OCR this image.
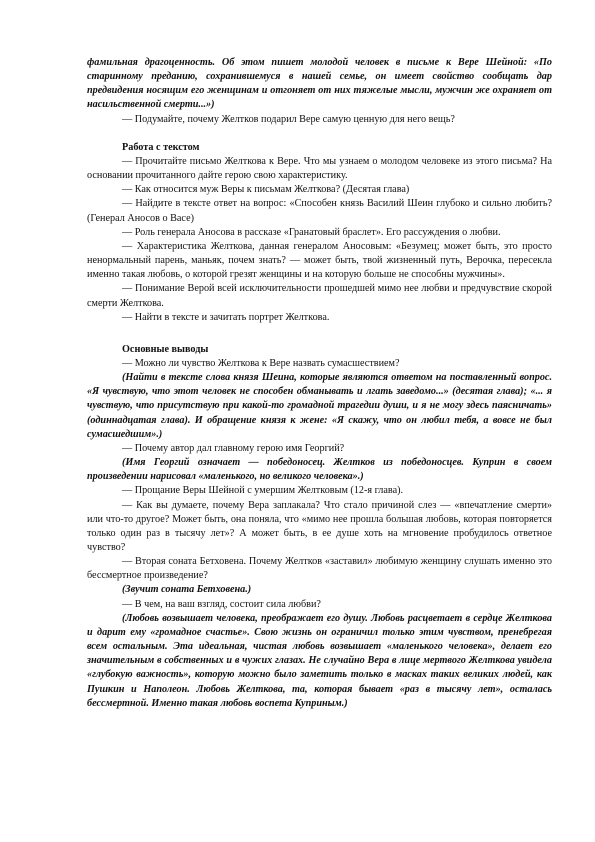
фамильная драгоценность. Об этом пишет молодой человек в письме к Вере Шейной: «По старинному преданию, сохранившемуся в нашей семье, он имеет свойство сообщать дар предвидения носящим его женщинам и отгоняет от них тяжелые мысли, мужчин же охраняет от насильственной смерти...»)

— Подумайте, почему Желтков подарил Вере самую ценную для него вещь?

Работа с текстом

— Прочитайте письмо Желткова к Вере. Что мы узнаем о молодом человеке из этого письма? На основании прочитанного дайте герою свою характеристику.

— Как относится муж Веры к письмам Желткова? (Десятая глава)

— Найдите в тексте ответ на вопрос: «Способен князь Василий Шеин глубоко и сильно любить? (Генерал Аносов о Васе)

— Роль генерала Аносова в рассказе «Гранатовый браслет». Его рассуждения о любви.

— Характеристика Желткова, данная генералом Аносовым: «Безумец; может быть, это просто ненормальный парень, маньяк, почем знать? — может быть, твой жизненный путь, Верочка, пересекла именно такая любовь, о которой грезят женщины и на которую больше не способны мужчины».

— Понимание Верой всей исключительности прошедшей мимо нее любви и предчувствие скорой смерти Желткова.

— Найти в тексте и зачитать портрет Желткова.

Основные выводы

— Можно ли чувство Желткова к Вере назвать сумасшествием?

(Найти в тексте слова князя Шеина, которые являются ответом на поставленный вопрос. «Я чувствую, что этот человек не способен обманывать и лгать заведомо...» (десятая глава); «... я чувствую, что присутствую при какой-то громадной трагедии души, и я не могу здесь паясничать» (одиннадцатая глава). И обращение князя к жене: «Я скажу, что он любил тебя, а вовсе не был сумасшедшим».)

— Почему автор дал главному герою имя Георгий?

(Имя Георгий означает — победоносец. Желтков из победоносцев. Куприн в своем произведении нарисовал «маленького, но великого человека».)

— Прощание Веры Шейной с умершим Желтковым (12-я глава).

— Как вы думаете, почему Вера заплакала? Что стало причиной слез — «впечатление смерти» или что-то другое? Может быть, она поняла, что «мимо нее прошла большая любовь, которая повторяется только один раз в тысячу лет»? А может быть, в ее душе хоть на мгновение пробудилось ответное чувство?

— Вторая соната Бетховена. Почему Желтков «заставил» любимую женщину слушать именно это бессмертное произведение?

(Звучит соната Бетховена.)

— В чем, на ваш взгляд, состоит сила любви?

(Любовь возвышает человека, преображает его душу. Любовь расцветает в сердце Желткова и дарит ему «громадное счастье». Свою жизнь он ограничил только этим чувством, пренебрегая всем остальным. Эта идеальная, чистая любовь возвышает «маленького человека», делает его значительным в собственных и в чужих глазах. Не случайно Вера в лице мертвого Желткова увидела «глубокую важность», которую можно было заметить только в масках таких великих людей, как Пушкин и Наполеон. Любовь Желткова, та, которая бывает «раз в тысячу лет», осталась бессмертной. Именно такая любовь воспета Куприным.)
